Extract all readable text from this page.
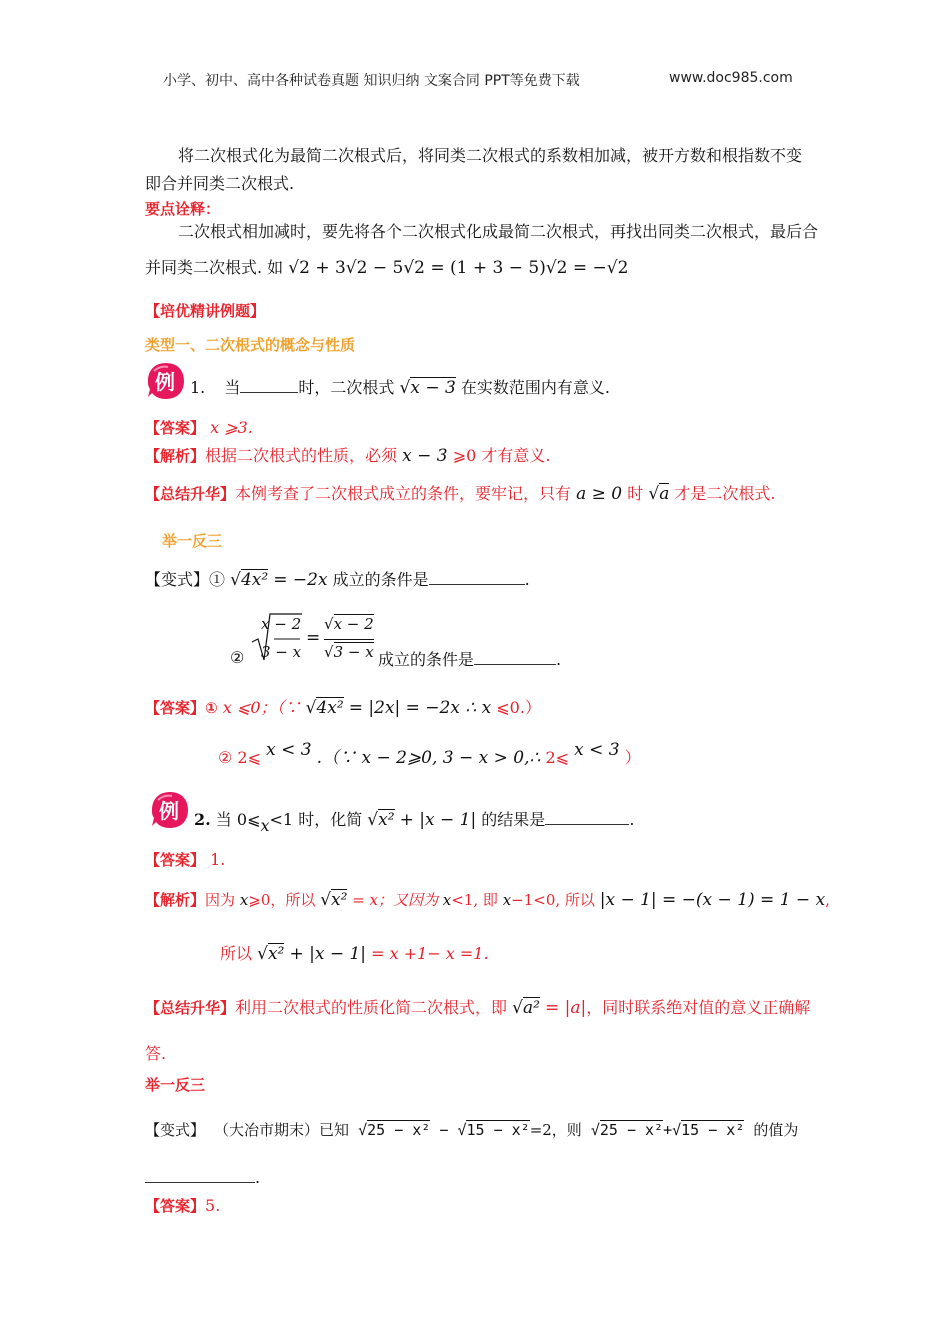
小学、初中、高中各种试卷真题 知识归纳 文案合同 PPT等免费下载	www.doc985.com
将二次根式化为最简二次根式后，将同类二次根式的系数相加减，被开方数和根指数不变
即合并同类二次根式.
要点诠释：
二次根式相加减时，要先将各个二次根式化成最简二次根式，再找出同类二次根式，最后合
并同类二次根式. 如 √2 + 3√2 − 5√2 = (1 + 3 − 5)√2 = −√2
【培优精讲例题】
类型一、二次根式的概念与性质
例 1. 当	时，二次根式 √x − 3 在实数范围内有意义.
【答案】 x ⩾3.
【解析】根据二次根式的性质，必须 x − 3 ⩾0 才有意义.
【总结升华】本例考查了二次根式成立的条件，要牢记，只有 a ≥ 0 时 √a 才是二次根式.
举一反三
【变式】① √4x² = −2x 成立的条件是	.
②
x − 2
3 − x
=
√x − 2
√3 − x 成立的条件是	.
【答案】① x ⩽0；（∵ √4x² = |2x| = −2x ∴ x ⩽0.）
② 2⩽ x < 3 .（∵ x − 2⩾0, 3 − x > 0,∴ 2⩽ x < 3 ）
例 2. 当 0⩽x<1 时，化简 √x² + |x − 1| 的结果是	.
【答案】 1.
【解析】因为 x⩾0，所以 √x² = x；又因为 x<1, 即 x−1<0, 所以 |x − 1| = −(x − 1) = 1 − x,
所以 √x² + |x − 1| = x +1− x =1.
【总结升华】利用二次根式的性质化简二次根式，即 √a² = |a|，同时联系绝对值的意义正确解
答.
举一反三
【变式】 （大冶市期末）已知 √25 − x² − √15 − x²=2，则 √25 − x²+√15 − x² 的值为
.
【答案】5.
